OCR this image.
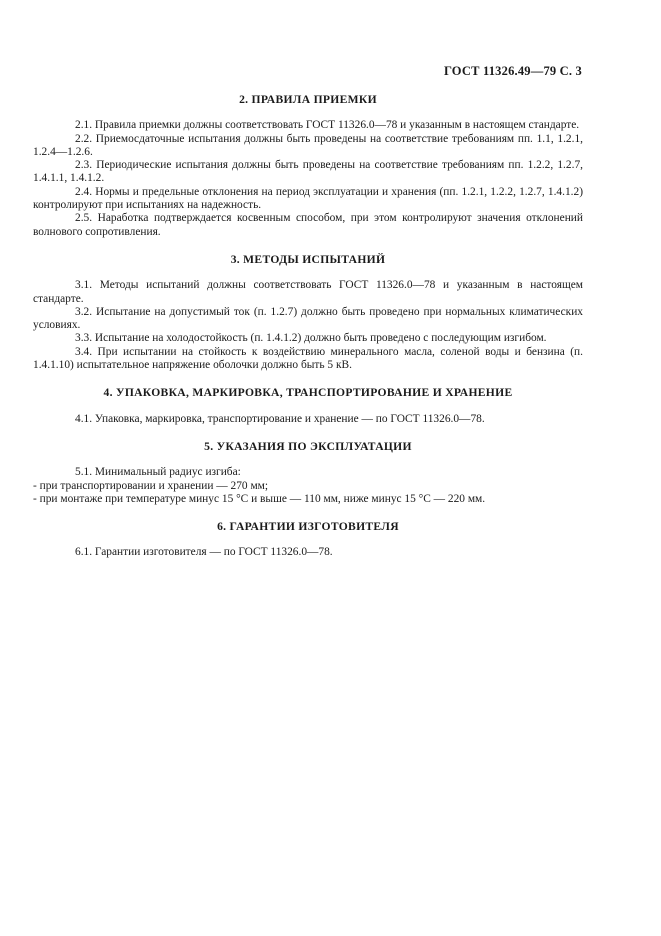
ГОСТ 11326.49—79 С. 3
2. ПРАВИЛА ПРИЕМКИ

2.1. Правила приемки должны соответствовать ГОСТ 11326.0—78 и указанным в настоящем стандарте.

2.2. Приемосдаточные испытания должны быть проведены на соответствие требованиям пп. 1.1, 1.2.1, 1.2.4—1.2.6.

2.3. Периодические испытания должны быть проведены на соответствие требованиям пп. 1.2.2, 1.2.7, 1.4.1.1, 1.4.1.2.

2.4. Нормы и предельные отклонения на период эксплуатации и хранения (пп. 1.2.1, 1.2.2, 1.2.7, 1.4.1.2) контролируют при испытаниях на надежность.

2.5. Наработка подтверждается косвенным способом, при этом контролируют значения отклонений волнового сопротивления.

3. МЕТОДЫ ИСПЫТАНИЙ

3.1. Методы испытаний должны соответствовать ГОСТ 11326.0—78 и указанным в настоящем стандарте.

3.2. Испытание на допустимый ток (п. 1.2.7) должно быть проведено при нормальных климатических условиях.

3.3. Испытание на холодостойкость (п. 1.4.1.2) должно быть проведено с последующим изгибом.

3.4. При испытании на стойкость к воздействию минерального масла, соленой воды и бензина (п. 1.4.1.10) испытательное напряжение оболочки должно быть 5 кВ.

4. УПАКОВКА, МАРКИРОВКА, ТРАНСПОРТИРОВАНИЕ И ХРАНЕНИЕ

4.1. Упаковка, маркировка, транспортирование и хранение — по ГОСТ 11326.0—78.

5. УКАЗАНИЯ ПО ЭКСПЛУАТАЦИИ

5.1. Минимальный радиус изгиба:

- при транспортировании и хранении — 270 мм;

- при монтаже при температуре минус 15 °С и выше — 110 мм, ниже минус 15 °С — 220 мм.

6. ГАРАНТИИ ИЗГОТОВИТЕЛЯ

6.1. Гарантии изготовителя — по ГОСТ 11326.0—78.
